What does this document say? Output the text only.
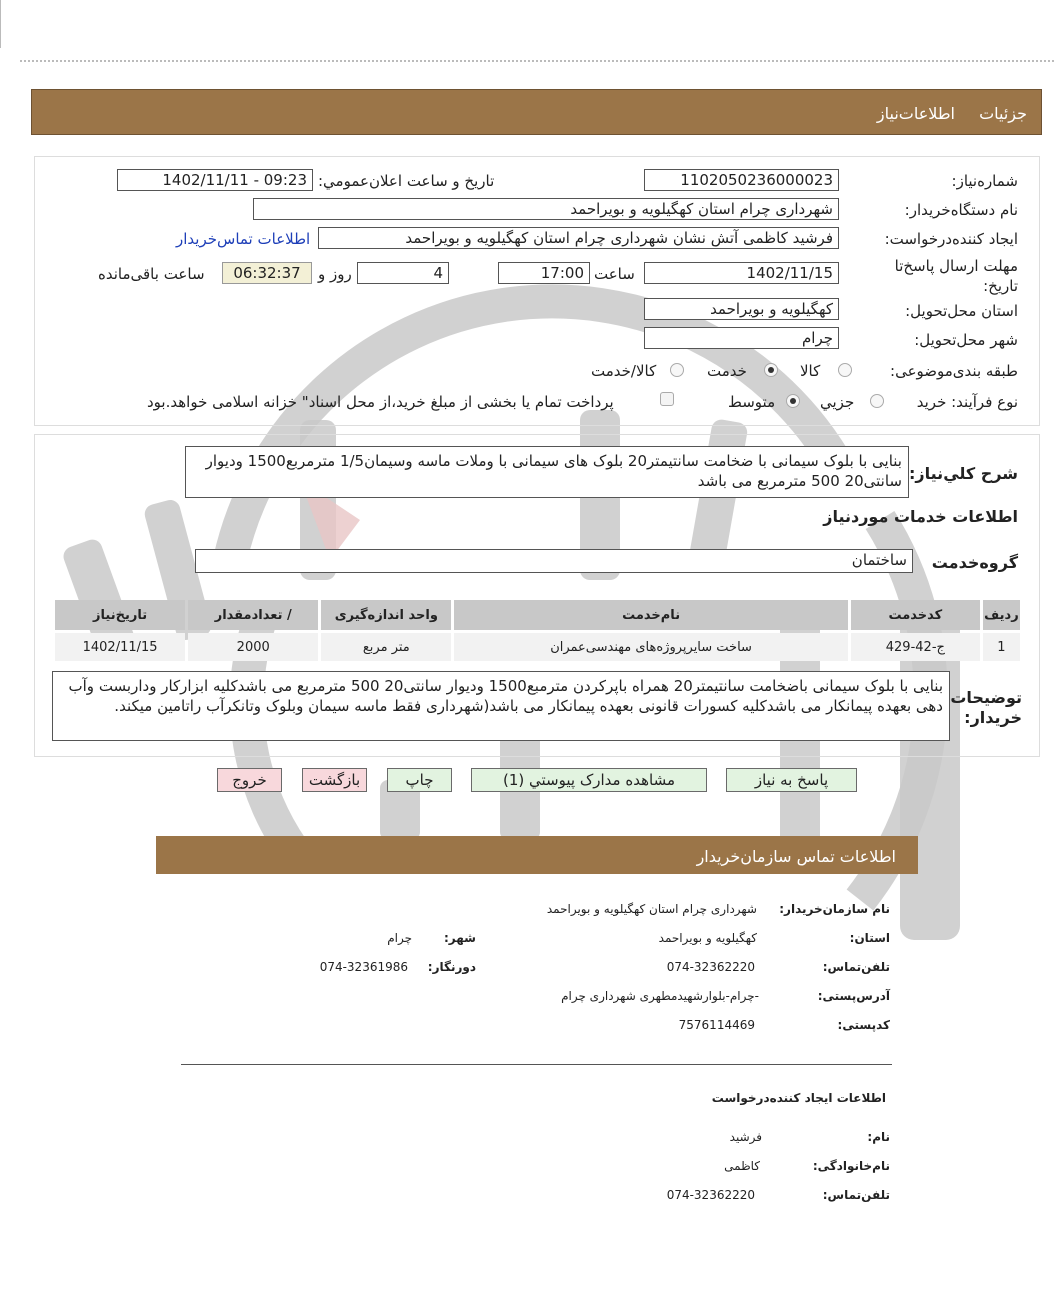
جزئیات
اطلاعات‌نیاز
شماره‌نیاز:
1102050236000023
تاریخ و ساعت اعلان‌عمومي:
1402/11/11 - 09:23
نام دستگاه‌خریدار:
شهرداری چرام استان کهگیلویه و بویراحمد
ایجاد کننده‌درخواست:
فرشید کاظمی آتش نشان شهرداری چرام استان کهگیلویه و بویراحمد
اطلاعات تماس‌خریدار
مهلت ارسال پاسخ‌تا تاریخ:
1402/11/15
ساعت
17:00
4
روز و
06:32:37
ساعت باقی‌مانده
استان محل‌تحویل:
کهگیلویه و بویراحمد
شهر محل‌تحویل:
چرام
طبقه بندی‌موضوعی:
کالا
خدمت
کالا/خدمت
نوع فرآیند: خرید
جزیي
متوسط
پرداخت تمام یا بخشی از مبلغ خرید،از محل اسناد" خزانه اسلامی خواهد.بود
شرح کلي‌نیاز:
بنایی با بلوک سیمانی با ضخامت سانتیمتر20 بلوک های سیمانی با وملات ماسه وسیمان1/5 مترمربع1500 ودیوار سانتی20 500 مترمربع می باشد
اطلاعات خدمات موردنیاز
گروه‌خدمت
ساختمان
ردیف	کدخدمت	نام‌خدمت	واحد اندازه‌گیری	/ تعدادمقدار	تاریخ‌نیاز
1	ج-42-429	ساخت سایرپروژه‌های مهندسی‌عمران	متر مربع	2000	1402/11/15
توضیحات خریدار:
بنایی با بلوک سیمانی باضخامت سانتیمتر20 همراه باپرکردن مترمبع1500 ودیوار سانتی20 500 مترمربع می باشدکلیه ابزارکار وداربست وآب دهی بعهده پیمانکار می باشدکلیه کسورات قانونی بعهده پیمانکار می باشد(شهرداری فقط ماسه سیمان وبلوک وتانکرآب راتامین میکند.
پاسخ به نیاز
مشاهده مدارک پیوستي (1)
چاپ
بازگشت
خروج
اطلاعات تماس سازمان‌خریدار
نام سازمان‌خریدار:
شهرداری چرام استان کهگیلویه و بویراحمد
استان:
کهگیلویه و بویراحمد
شهر:
چرام
تلفن‌تماس:
074-32362220
دورنگار:
074-32361986
آدرس‌پستی:
-چرام-بلوارشهیدمطهری شهرداری چرام
کدپستی:
7576114469
اطلاعات ایجاد کننده‌درخواست
نام:
فرشید
نام‌خانوادگی:
کاظمی
تلفن‌تماس:
074-32362220
